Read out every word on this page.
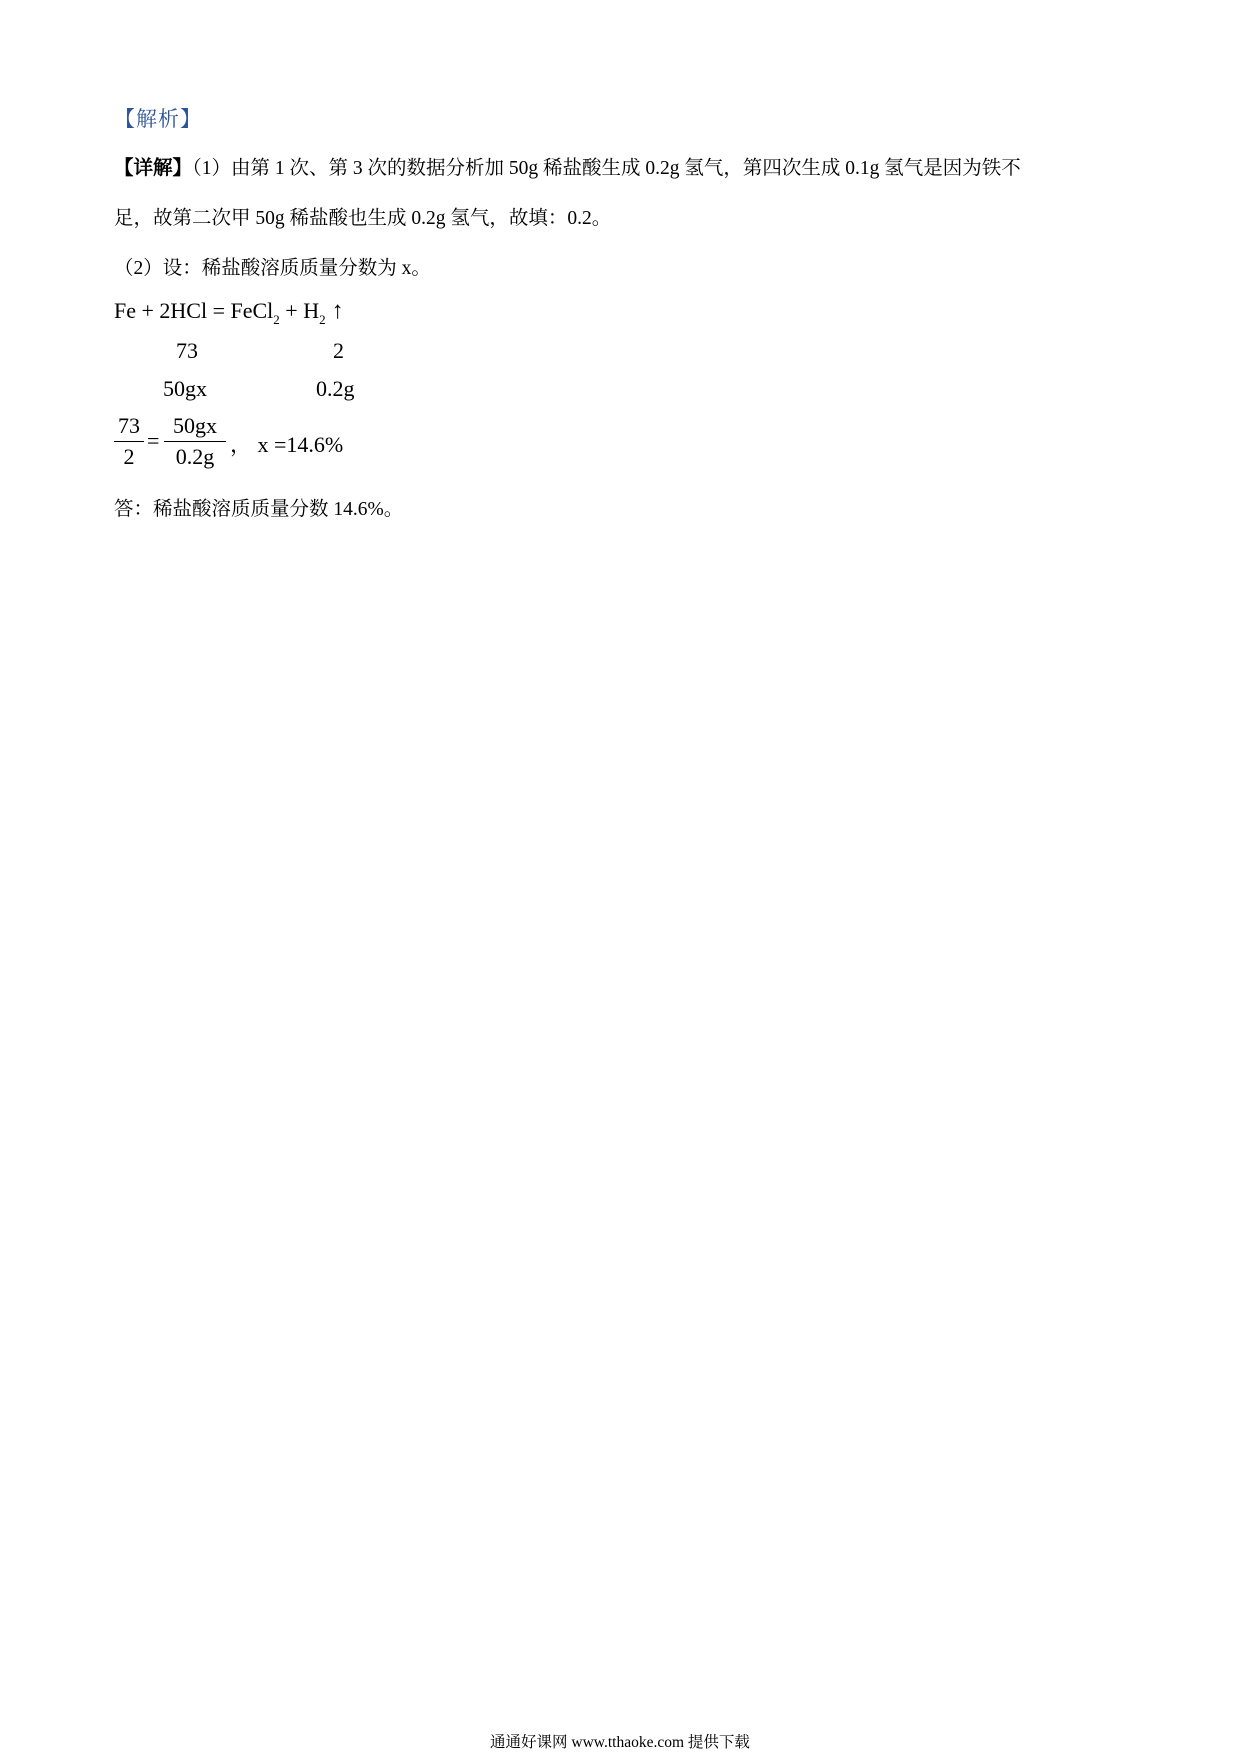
【解析】
【详解】（1）由第 1 次、第 3 次的数据分析加 50g 稀盐酸生成 0.2g 氢气，第四次生成 0.1g 氢气是因为铁不
足，故第二次甲 50g 稀盐酸也生成 0.2g 氢气，故填：0.2。
（2）设：稀盐酸溶质质量分数为 x。
Fe + 2HCl = FeCl$_2$ + $H_2$ ↑
73	2
50gx	0.2g
$\frac{73}{2} = \frac{50gx}{0.2g}$ ， x =14.6%
答：稀盐酸溶质质量分数 14.6%。
通通好课网 www.tthaoke.com 提供下载
